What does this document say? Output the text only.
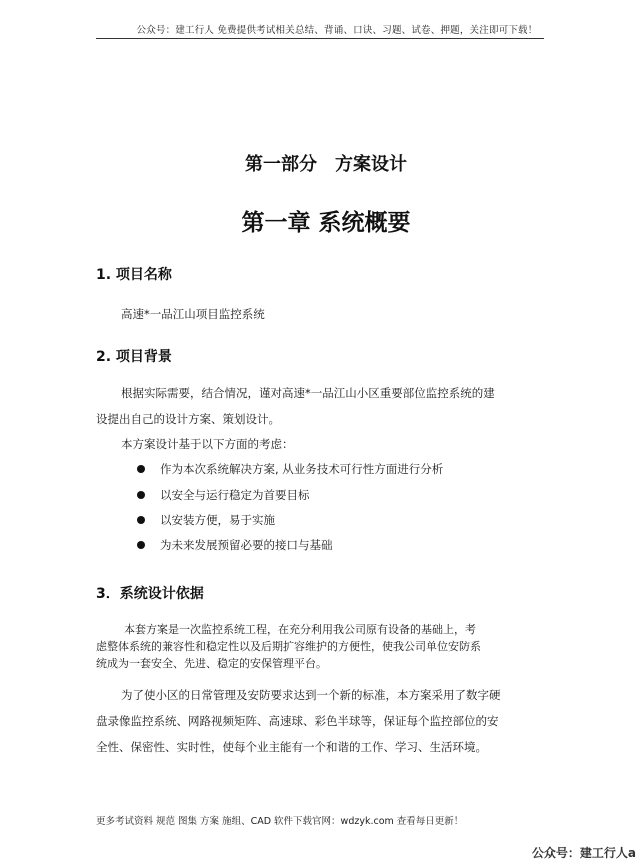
公众号：建工行人 免费提供考试相关总结、背诵、口诀、习题、试卷、押题，关注即可下载！
第一部分　方案设计
第一章 系统概要
1. 项目名称
高速*一品江山项目监控系统
2. 项目背景
根据实际需要，结合情况，谨对高速*一品江山小区重要部位监控系统的建
设提出自己的设计方案、策划设计。
本方案设计基于以下方面的考虑：
作为本次系统解决方案, 从业务技术可行性方面进行分析
以安全与运行稳定为首要目标
以安装方便，易于实施
为未来发展预留必要的接口与基础
3．系统设计依据
本套方案是一次监控系统工程，在充分利用我公司原有设备的基础上，考
虑整体系统的兼容性和稳定性以及后期扩容维护的方便性，使我公司单位安防系
统成为一套安全、先进、稳定的安保管理平台。
为了使小区的日常管理及安防要求达到一个新的标准，本方案采用了数字硬
盘录像监控系统、网路视频矩阵、高速球、彩色半球等，保证每个监控部位的安
全性、保密性、实时性，使每个业主能有一个和谐的工作、学习、生活环境。
更多考试资料 规范 图集 方案 施组、CAD 软件下载官网：wdzyk.com 查看每日更新！
公众号：建工行人a
